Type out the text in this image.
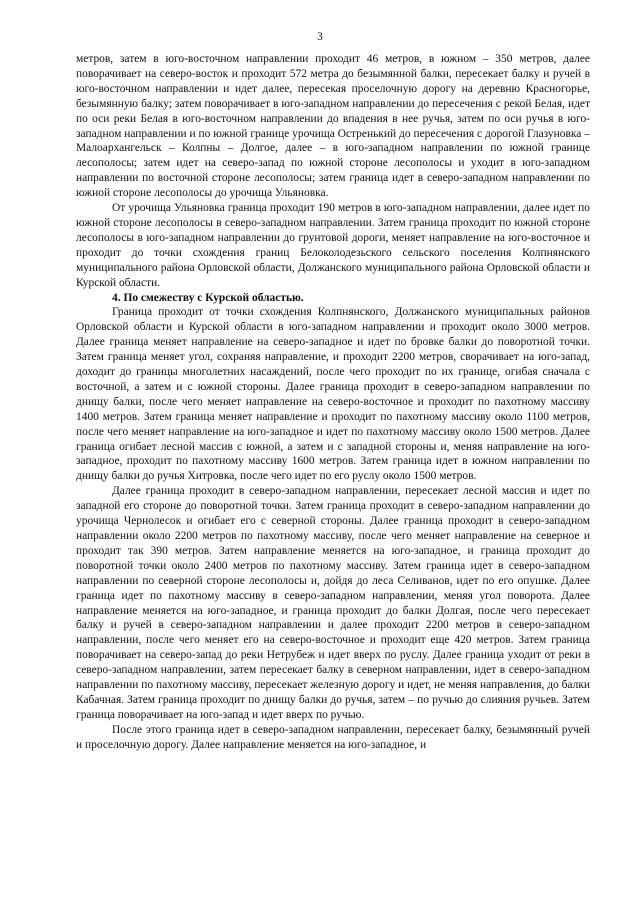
3

метров, затем в юго-восточном направлении проходит 46 метров, в южном – 350 метров, далее поворачивает на северо-восток и проходит 572 метра до безымянной балки, пересекает балку и ручей в юго-восточном направлении и идет далее, пересекая проселочную дорогу на деревню Красногорье, безымянную балку; затем поворачивает в юго-западном направлении до пересечения с рекой Белая, идет по оси реки Белая в юго-восточном направлении до впадения в нее ручья, затем по оси ручья в юго-западном направлении и по южной границе урочища Остренький до пересечения с дорогой Глазуновка – Малоархангельск – Колпны – Долгое, далее – в юго-западном направлении по южной границе лесополосы; затем идет на северо-запад по южной стороне лесополосы и уходит в юго-западном направлении по восточной стороне лесополосы; затем граница идет в северо-западном направлении по южной стороне лесополосы до урочища Ульяновка.

От урочища Ульяновка граница проходит 190 метров в юго-западном направлении, далее идет по южной стороне лесополосы в северо-западном направлении. Затем граница проходит по южной стороне лесополосы в юго-западном направлении до грунтовой дороги, меняет направление на юго-восточное и проходит до точки схождения границ Белоколодезьского сельского поселения Колпнянского муниципального района Орловской области, Должанского муниципального района Орловской области и Курской области.

4. По смежеству с Курской областью.

Граница проходит от точки схождения Колпнянского, Должанского муниципальных районов Орловской области и Курской области в юго-западном направлении и проходит около 3000 метров. Далее граница меняет направление на северо-западное и идет по бровке балки до поворотной точки. Затем граница меняет угол, сохраняя направление, и проходит 2200 метров, сворачивает на юго-запад, доходит до границы многолетних насаждений, после чего проходит по их границе, огибая сначала с восточной, а затем и с южной стороны. Далее граница проходит в северо-западном направлении по днищу балки, после чего меняет направление на северо-восточное и проходит по пахотному массиву 1400 метров. Затем граница меняет направление и проходит по пахотному массиву около 1100 метров, после чего меняет направление на юго-западное и идет по пахотному массиву около 1500 метров. Далее граница огибает лесной массив с южной, а затем и с западной стороны и, меняя направление на юго-западное, проходит по пахотному массиву 1600 метров. Затем граница идет в южном направлении по днищу балки до ручья Хитровка, после чего идет по его руслу около 1500 метров.

Далее граница проходит в северо-западном направлении, пересекает лесной массив и идет по западной его стороне до поворотной точки. Затем граница проходит в северо-западном направлении до урочища Чернолесок и огибает его с северной стороны. Далее граница проходит в северо-западном направлении около 2200 метров по пахотному массиву, после чего меняет направление на северное и проходит так 390 метров. Затем направление меняется на юго-западное, и граница проходит до поворотной точки около 2400 метров по пахотному массиву. Затем граница идет в северо-западном направлении по северной стороне лесополосы и, дойдя до леса Селиванов, идет по его опушке. Далее граница идет по пахотному массиву в северо-западном направлении, меняя угол поворота. Далее направление меняется на юго-западное, и граница проходит до балки Долгая, после чего пересекает балку и ручей в северо-западном направлении и далее проходит 2200 метров в северо-западном направлении, после чего меняет его на северо-восточное и проходит еще 420 метров. Затем граница поворачивает на северо-запад до реки Нетрубеж и идет вверх по руслу. Далее граница уходит от реки в северо-западном направлении, затем пересекает балку в северном направлении, идет в северо-западном направлении по пахотному массиву, пересекает железную дорогу и идет, не меняя направления, до балки Кабачная. Затем граница проходит по днищу балки до ручья, затем – по ручью до слияния ручьев. Затем граница поворачивает на юго-запад и идет вверх по ручью.

После этого граница идет в северо-западном направлении, пересекает балку, безымянный ручей и проселочную дорогу. Далее направление меняется на юго-западное, и
